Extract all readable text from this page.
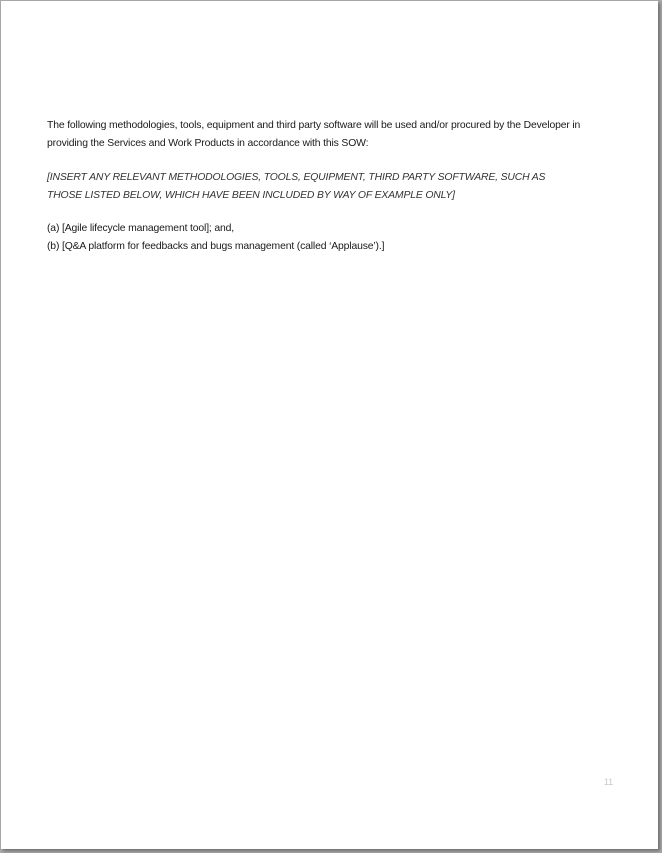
The following methodologies, tools, equipment and third party software will be used and/or procured by the Developer in
providing the Services and Work Products in accordance with this SOW:

[INSERT ANY RELEVANT METHODOLOGIES, TOOLS, EQUIPMENT, THIRD PARTY SOFTWARE, SUCH AS
THOSE LISTED BELOW, WHICH HAVE BEEN INCLUDED BY WAY OF EXAMPLE ONLY]

(a) [Agile lifecycle management tool]; and,
(b) [Q&A platform for feedbacks and bugs management (called ‘Applause’).]

11
